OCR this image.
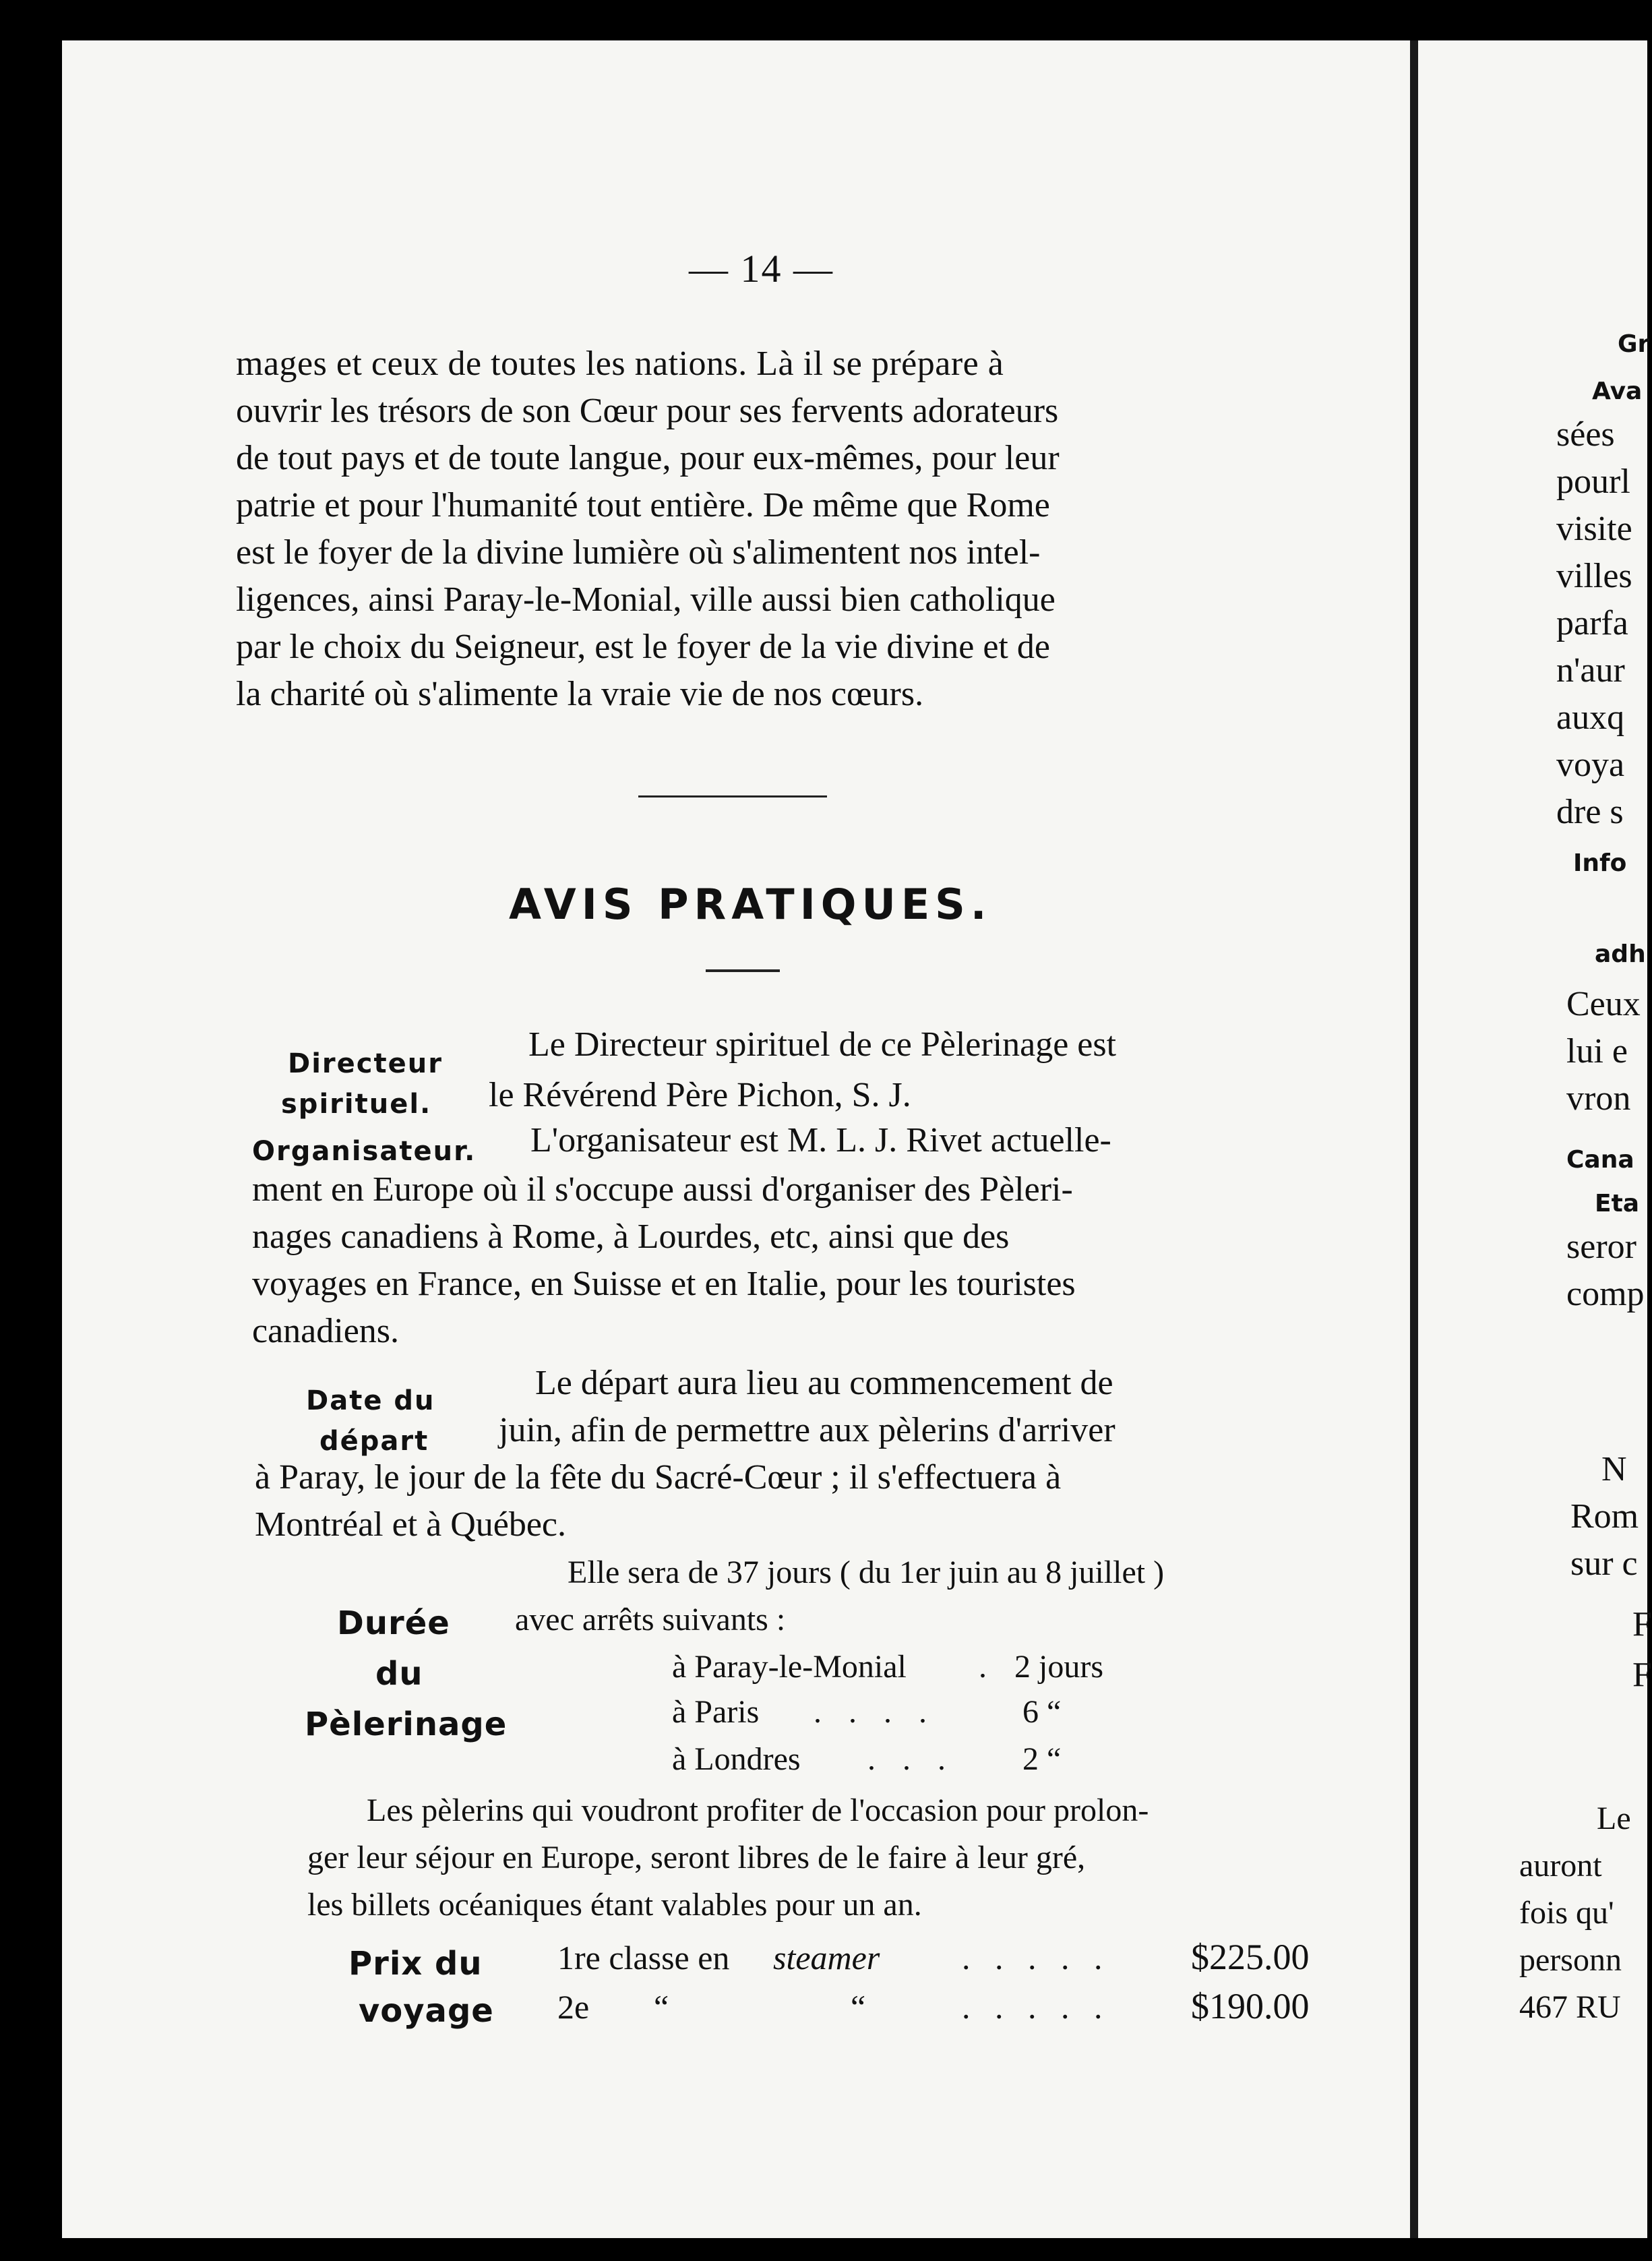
— 14 —
mages et ceux de toutes les nations. Là il se prépare à
ouvrir les trésors de son Cœur pour ses fervents adorateurs
de tout pays et de toute langue, pour eux-mêmes, pour leur
patrie et pour l'humanité tout entière. De même que Rome
est le foyer de la divine lumière où s'alimentent nos intel-
ligences, ainsi Paray-le-Monial, ville aussi bien catholique
par le choix du Seigneur, est le foyer de la vie divine et de
la charité où s'alimente la vraie vie de nos cœurs.
AVIS PRATIQUES.
Directeur
spirituel.
Le Directeur spirituel de ce Pèlerinage est
le Révérend Père Pichon, S. J.
Organisateur. L'organisateur est M. L. J. Rivet actuelle-
ment en Europe où il s'occupe aussi d'organiser des Pèleri-
nages canadiens à Rome, à Lourdes, etc, ainsi que des
voyages en France, en Suisse et en Italie, pour les touristes
canadiens.
Date du
départ
Le départ aura lieu au commencement de
juin, afin de permettre aux pèlerins d'arriver
à Paray, le jour de la fête du Sacré-Cœur ; il s'effectuera à
Montréal et à Québec.
Elle sera de 37 jours ( du 1er juin au 8 juillet )
Durée
du
Pèlerinage
avec arrêts suivants :
à Paray-le-Monial . 2 jours
à Paris . . . .	6 “
à Londres . . . 2 “
Les pèlerins qui voudront profiter de l'occasion pour prolon-
ger leur séjour en Europe, seront libres de le faire à leur gré,
les billets océaniques étant valables pour un an.
Prix du
voyage
1re classe en steamer . . . . . $225.00
2e “	“	. . . . . $190.00
Gr
Ava
sées
pourl
visite
villes
parfa
n'aur
auxq
voya
dre s
Info
adh
Ceux
lui e
vron
Cana
Eta
seror
comp
N
Rom
sur c
F
F
Le
auront
fois qu'
personn
467 RU
